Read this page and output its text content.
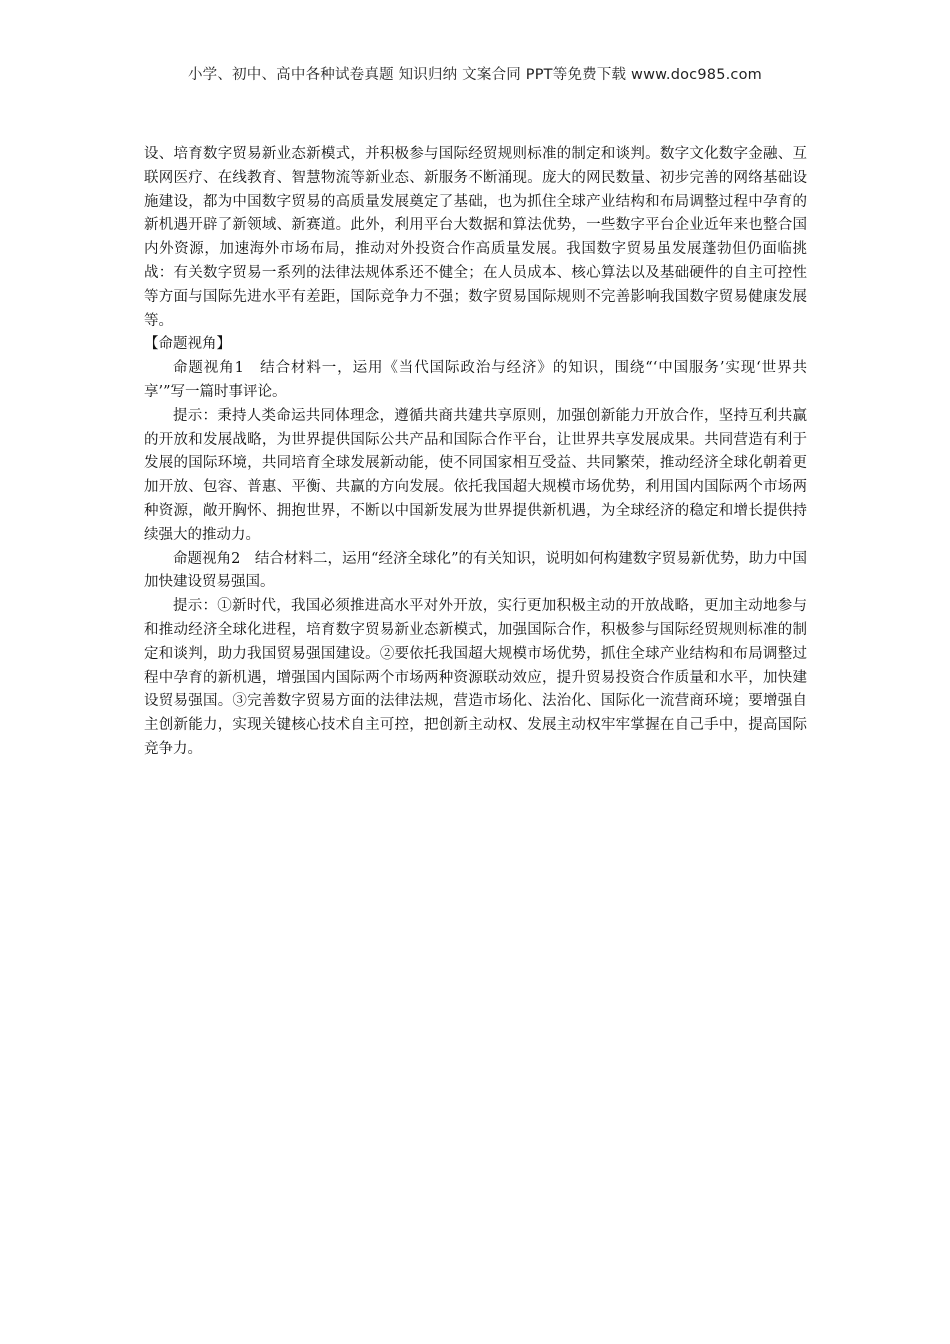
小学、初中、高中各种试卷真题 知识归纳 文案合同 PPT等免费下载 www.doc985.com

设、培育数字贸易新业态新模式，并积极参与国际经贸规则标准的制定和谈判。数字文化数字金融、互联网医疗、在线教育、智慧物流等新业态、新服务不断涌现。庞大的网民数量、初步完善的网络基础设施建设，都为中国数字贸易的高质量发展奠定了基础，也为抓住全球产业结构和布局调整过程中孕育的新机遇开辟了新领域、新赛道。此外，利用平台大数据和算法优势，一些数字平台企业近年来也整合国内外资源，加速海外市场布局，推动对外投资合作高质量发展。我国数字贸易虽发展蓬勃但仍面临挑战：有关数字贸易一系列的法律法规体系还不健全；在人员成本、核心算法以及基础硬件的自主可控性等方面与国际先进水平有差距，国际竞争力不强；数字贸易国际规则不完善影响我国数字贸易健康发展等。

【命题视角】

命题视角1　结合材料一，运用《当代国际政治与经济》的知识，围绕“‘中国服务’实现‘世界共享’”写一篇时事评论。

提示：秉持人类命运共同体理念，遵循共商共建共享原则，加强创新能力开放合作，坚持互利共赢的开放和发展战略，为世界提供国际公共产品和国际合作平台，让世界共享发展成果。共同营造有利于发展的国际环境，共同培育全球发展新动能，使不同国家相互受益、共同繁荣，推动经济全球化朝着更加开放、包容、普惠、平衡、共赢的方向发展。依托我国超大规模市场优势，利用国内国际两个市场两种资源，敞开胸怀、拥抱世界，不断以中国新发展为世界提供新机遇，为全球经济的稳定和增长提供持续强大的推动力。

命题视角2　结合材料二，运用“经济全球化”的有关知识，说明如何构建数字贸易新优势，助力中国加快建设贸易强国。

提示：①新时代，我国必须推进高水平对外开放，实行更加积极主动的开放战略，更加主动地参与和推动经济全球化进程，培育数字贸易新业态新模式，加强国际合作，积极参与国际经贸规则标准的制定和谈判，助力我国贸易强国建设。②要依托我国超大规模市场优势，抓住全球产业结构和布局调整过程中孕育的新机遇，增强国内国际两个市场两种资源联动效应，提升贸易投资合作质量和水平，加快建设贸易强国。③完善数字贸易方面的法律法规，营造市场化、法治化、国际化一流营商环境；要增强自主创新能力，实现关键核心技术自主可控，把创新主动权、发展主动权牢牢掌握在自己手中，提高国际竞争力。
